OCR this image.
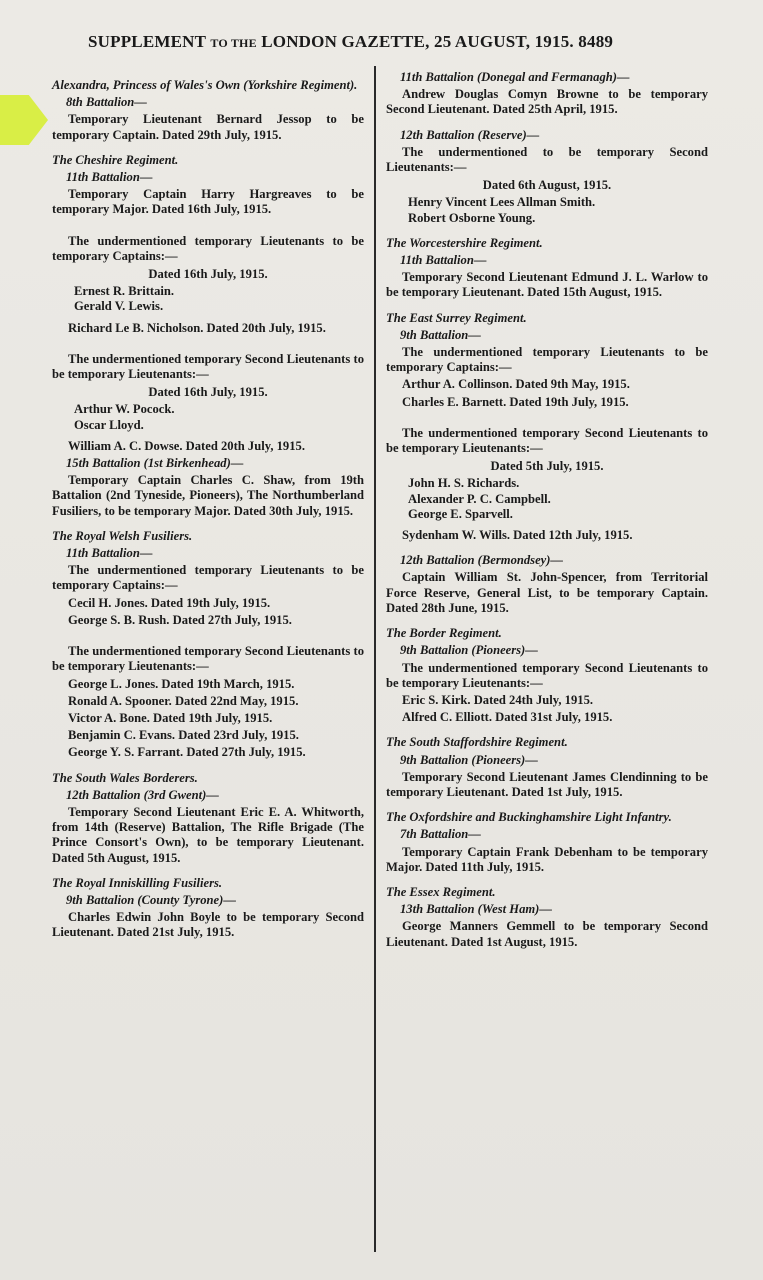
SUPPLEMENT TO THE LONDON GAZETTE, 25 AUGUST, 1915. 8489
Alexandra, Princess of Wales's Own (Yorkshire Regiment).
8th Battalion—
Temporary Lieutenant Bernard Jessop to be temporary Captain. Dated 29th July, 1915.
The Cheshire Regiment.
11th Battalion—
Temporary Captain Harry Hargreaves to be temporary Major. Dated 16th July, 1915.
The undermentioned temporary Lieutenants to be temporary Captains:—
Dated 16th July, 1915.
Ernest R. Brittain.
Gerald V. Lewis.
Richard Le B. Nicholson. Dated 20th July, 1915.
The undermentioned temporary Second Lieutenants to be temporary Lieutenants:—
Dated 16th July, 1915.
Arthur W. Pocock.
Oscar Lloyd.
William A. C. Dowse. Dated 20th July, 1915.
15th Battalion (1st Birkenhead)—
Temporary Captain Charles C. Shaw, from 19th Battalion (2nd Tyneside, Pioneers), The Northumberland Fusiliers, to be temporary Major. Dated 30th July, 1915.
The Royal Welsh Fusiliers.
11th Battalion—
The undermentioned temporary Lieutenants to be temporary Captains:—
Cecil H. Jones. Dated 19th July, 1915.
George S. B. Rush. Dated 27th July, 1915.
The undermentioned temporary Second Lieutenants to be temporary Lieutenants:—
George L. Jones. Dated 19th March, 1915.
Ronald A. Spooner. Dated 22nd May, 1915.
Victor A. Bone. Dated 19th July, 1915.
Benjamin C. Evans. Dated 23rd July, 1915.
George Y. S. Farrant. Dated 27th July, 1915.
The South Wales Borderers.
12th Battalion (3rd Gwent)—
Temporary Second Lieutenant Eric E. A. Whitworth, from 14th (Reserve) Battalion, The Rifle Brigade (The Prince Consort's Own), to be temporary Lieutenant. Dated 5th August, 1915.
The Royal Inniskilling Fusiliers.
9th Battalion (County Tyrone)—
Charles Edwin John Boyle to be temporary Second Lieutenant. Dated 21st July, 1915.
11th Battalion (Donegal and Fermanagh)—
Andrew Douglas Comyn Browne to be temporary Second Lieutenant. Dated 25th April, 1915.
12th Battalion (Reserve)—
The undermentioned to be temporary Second Lieutenants:—
Dated 6th August, 1915.
Henry Vincent Lees Allman Smith.
Robert Osborne Young.
The Worcestershire Regiment.
11th Battalion—
Temporary Second Lieutenant Edmund J. L. Warlow to be temporary Lieutenant. Dated 15th August, 1915.
The East Surrey Regiment.
9th Battalion—
The undermentioned temporary Lieutenants to be temporary Captains:—
Arthur A. Collinson. Dated 9th May, 1915.
Charles E. Barnett. Dated 19th July, 1915.
The undermentioned temporary Second Lieutenants to be temporary Lieutenants:—
Dated 5th July, 1915.
John H. S. Richards.
Alexander P. C. Campbell.
George E. Sparvell.
Sydenham W. Wills. Dated 12th July, 1915.
12th Battalion (Bermondsey)—
Captain William St. John-Spencer, from Territorial Force Reserve, General List, to be temporary Captain. Dated 28th June, 1915.
The Border Regiment.
9th Battalion (Pioneers)—
The undermentioned temporary Second Lieutenants to be temporary Lieutenants:—
Eric S. Kirk. Dated 24th July, 1915.
Alfred C. Elliott. Dated 31st July, 1915.
The South Staffordshire Regiment.
9th Battalion (Pioneers)—
Temporary Second Lieutenant James Clendinning to be temporary Lieutenant. Dated 1st July, 1915.
The Oxfordshire and Buckinghamshire Light Infantry.
7th Battalion—
Temporary Captain Frank Debenham to be temporary Major. Dated 11th July, 1915.
The Essex Regiment.
13th Battalion (West Ham)—
George Manners Gemmell to be temporary Second Lieutenant. Dated 1st August, 1915.
